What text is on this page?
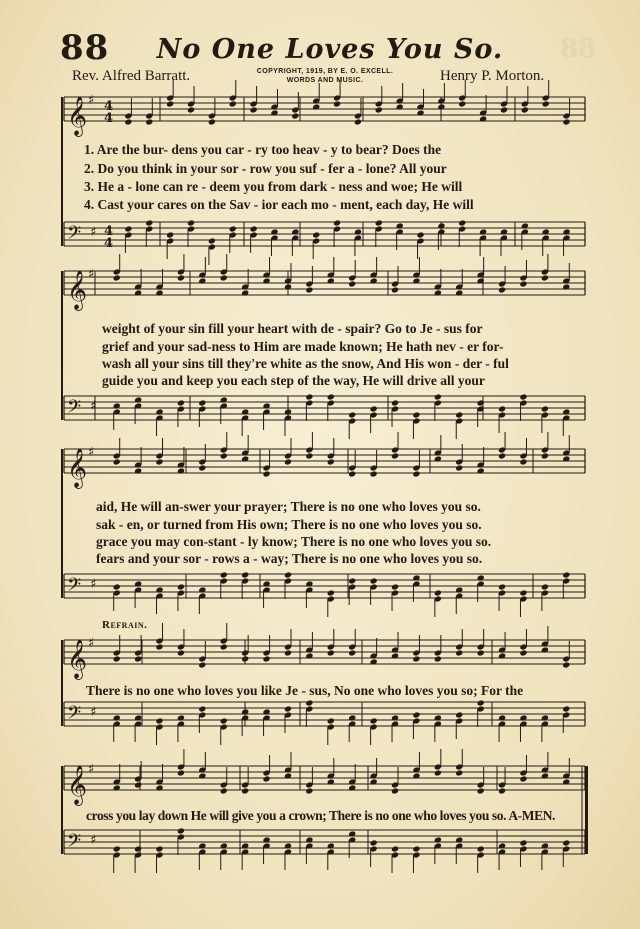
88	88
No One Loves You So.
Rev. Alfred Barratt.	COPYRIGHT, 1919, BY E. O. EXCELL.
WORDS AND MUSIC.	Henry P. Morton.
𝄞 ♯
𝄢 ♯
4
4
4
4
𝄞 ♯
𝄢 ♯
𝄞 ♯
𝄢 ♯
𝄞 ♯
𝄢 ♯
𝄞 ♯
𝄢 ♯
Refrain.
1. Are the bur- dens you car - ry too heav - y to bear? Does the
2. Do you think in your sor - row you suf - fer a - lone? All your
3. He a - lone can re - deem you from dark - ness and woe; He will
4. Cast your cares on the Sav - ior each mo - ment, each day, He will
weight of your sin fill your heart with de - spair? Go to Je - sus for
grief and your sad-ness to Him are made known; He hath nev - er for-
wash all your sins till they're white as the snow, And His won - der - ful
guide you and keep you each step of the way, He will drive all your
aid, He will an-swer your prayer; There is no one who loves you so.
sak - en, or turned from His own; There is no one who loves you so.
grace you may con-stant - ly know; There is no one who loves you so.
fears and your sor - rows a - way; There is no one who loves you so.
There is no one who loves you like Je - sus, No one who loves you so; For the
cross you lay down He will give you a crown; There is no one who loves you so. A-MEN.
